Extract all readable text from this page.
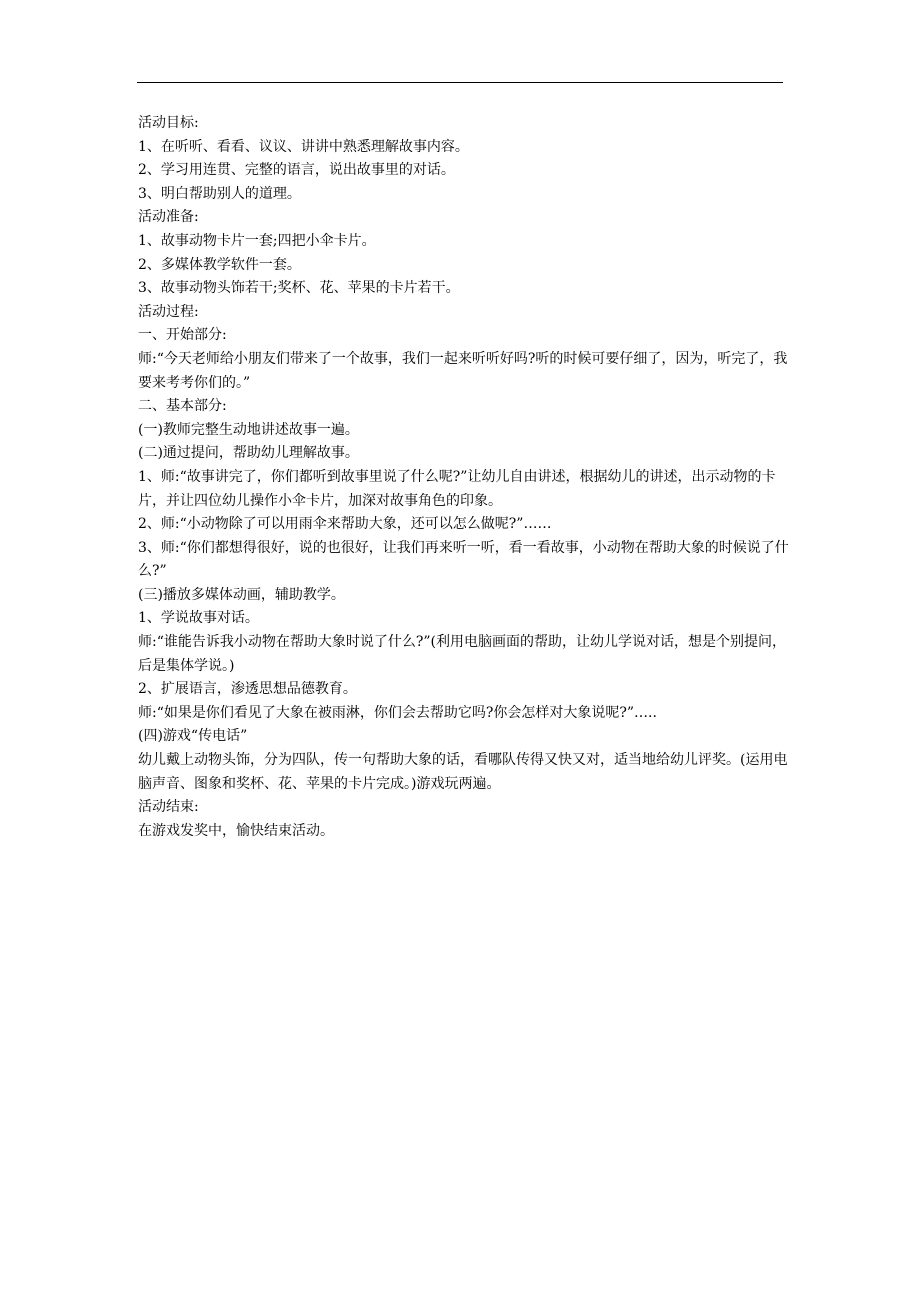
活动目标:

1、在听听、看看、议议、讲讲中熟悉理解故事内容。

2、学习用连贯、完整的语言，说出故事里的对话。

3、明白帮助别人的道理。

活动准备:

1、故事动物卡片一套;四把小伞卡片。

2、多媒体教学软件一套。

3、故事动物头饰若干;奖杯、花、苹果的卡片若干。

活动过程:

一、开始部分:

师:“今天老师给小朋友们带来了一个故事，我们一起来听听好吗?听的时候可要仔细了，因为，听完了，我要来考考你们的。”

二、基本部分:

(一)教师完整生动地讲述故事一遍。

(二)通过提问，帮助幼儿理解故事。

1、师:“故事讲完了，你们都听到故事里说了什么呢?”让幼儿自由讲述，根据幼儿的讲述，出示动物的卡片，并让四位幼儿操作小伞卡片，加深对故事角色的印象。

2、师:“小动物除了可以用雨伞来帮助大象，还可以怎么做呢?”……

3、师:“你们都想得很好，说的也很好，让我们再来听一听，看一看故事，小动物在帮助大象的时候说了什么?”

(三)播放多媒体动画，辅助教学。

1、学说故事对话。

师:“谁能告诉我小动物在帮助大象时说了什么?”(利用电脑画面的帮助，让幼儿学说对话，想是个别提问，后是集体学说。)

2、扩展语言，渗透思想品德教育。

师:“如果是你们看见了大象在被雨淋，你们会去帮助它吗?你会怎样对大象说呢?”…..

(四)游戏“传电话”

幼儿戴上动物头饰，分为四队，传一句帮助大象的话，看哪队传得又快又对，适当地给幼儿评奖。(运用电脑声音、图象和奖杯、花、苹果的卡片完成。)游戏玩两遍。

活动结束:

在游戏发奖中，愉快结束活动。
